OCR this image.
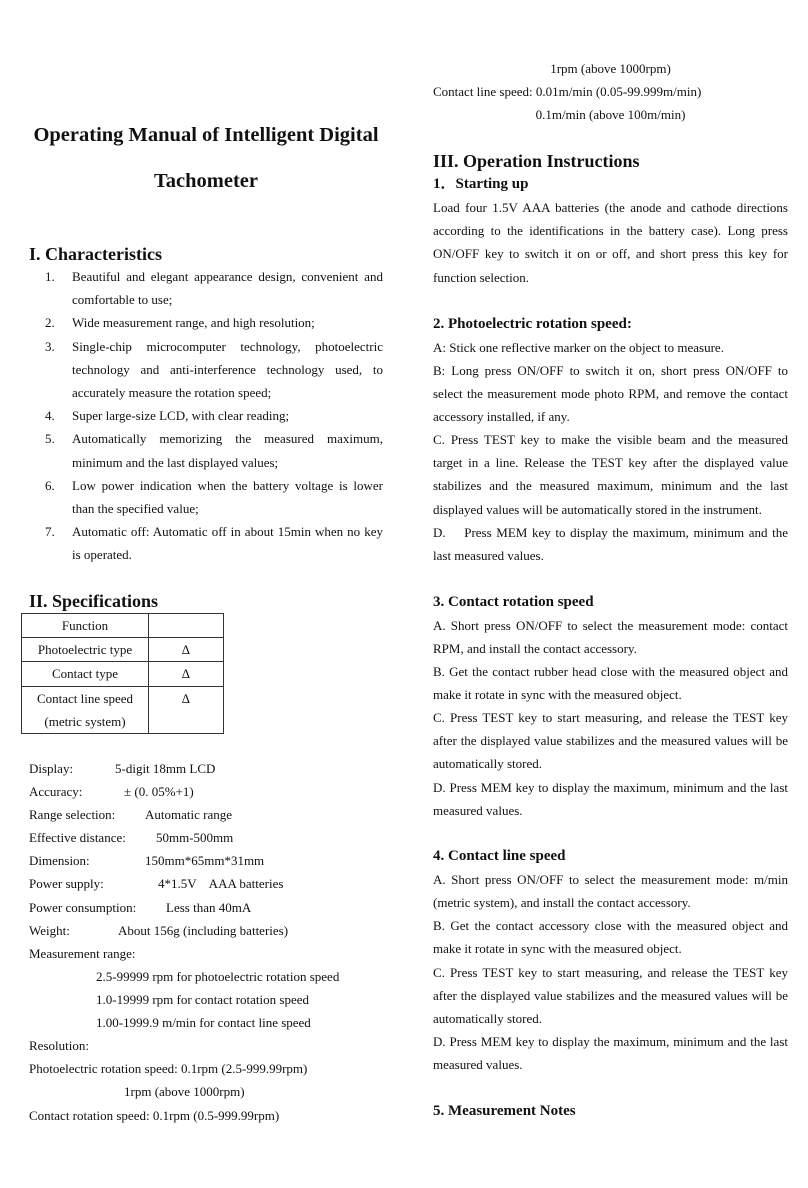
Operating Manual of Intelligent Digital
Tachometer
I. Characteristics
1. Beautiful and elegant appearance design, convenient and comfortable to use;
2. Wide measurement range, and high resolution;
3. Single-chip microcomputer technology, photoelectric technology and anti-interference technology used, to accurately measure the rotation speed;
4. Super large-size LCD, with clear reading;
5. Automatically memorizing the measured maximum, minimum and the last displayed values;
6. Low power indication when the battery voltage is lower than the specified value;
7. Automatic off: Automatic off in about 15min when no key is operated.
II. Specifications
Function	
Photoelectric type	∆
Contact type	∆
Contact line speed (metric system)	∆
Display:	5-digit 18mm LCD
Accuracy:	± (0. 05%+1)
Range selection: Automatic range
Effective distance: 50mm-500mm
Dimension:	150mm*65mm*31mm
Power supply:	4*1.5V    AAA batteries
Power consumption: Less than 40mA
Weight:	About 156g (including batteries)
Measurement range:
2.5-99999 rpm for photoelectric rotation speed
1.0-19999 rpm for contact rotation speed
1.00-1999.9 m/min for contact line speed
Resolution:
Photoelectric rotation speed: 0.1rpm (2.5-999.99rpm)
1rpm (above 1000rpm)
Contact rotation speed: 0.1rpm (0.5-999.99rpm)
1rpm (above 1000rpm)
Contact line speed: 0.01m/min (0.05-99.999m/min)
0.1m/min (above 100m/min)
III. Operation Instructions
1．Starting up
Load four 1.5V AAA batteries (the anode and cathode directions according to the identifications in the battery case). Long press ON/OFF key to switch it on or off, and short press this key for function selection.
2. Photoelectric rotation speed:
A: Stick one reflective marker on the object to measure.
B: Long press ON/OFF to switch it on, short press ON/OFF to select the measurement mode photo RPM, and remove the contact accessory installed, if any.
C. Press TEST key to make the visible beam and the measured target in a line. Release the TEST key after the displayed value stabilizes and the measured maximum, minimum and the last displayed values will be automatically stored in the instrument.
D.    Press MEM key to display the maximum, minimum and the last measured values.
3. Contact rotation speed
A. Short press ON/OFF to select the measurement mode: contact RPM, and install the contact accessory.
B. Get the contact rubber head close with the measured object and make it rotate in sync with the measured object.
C. Press TEST key to start measuring, and release the TEST key after the displayed value stabilizes and the measured values will be automatically stored.
D. Press MEM key to display the maximum, minimum and the last measured values.
4. Contact line speed
A. Short press ON/OFF to select the measurement mode: m/min (metric system), and install the contact accessory.
B. Get the contact accessory close with the measured object and make it rotate in sync with the measured object.
C. Press TEST key to start measuring, and release the TEST key after the displayed value stabilizes and the measured values will be automatically stored.
D. Press MEM key to display the maximum, minimum and the last measured values.
5. Measurement Notes
